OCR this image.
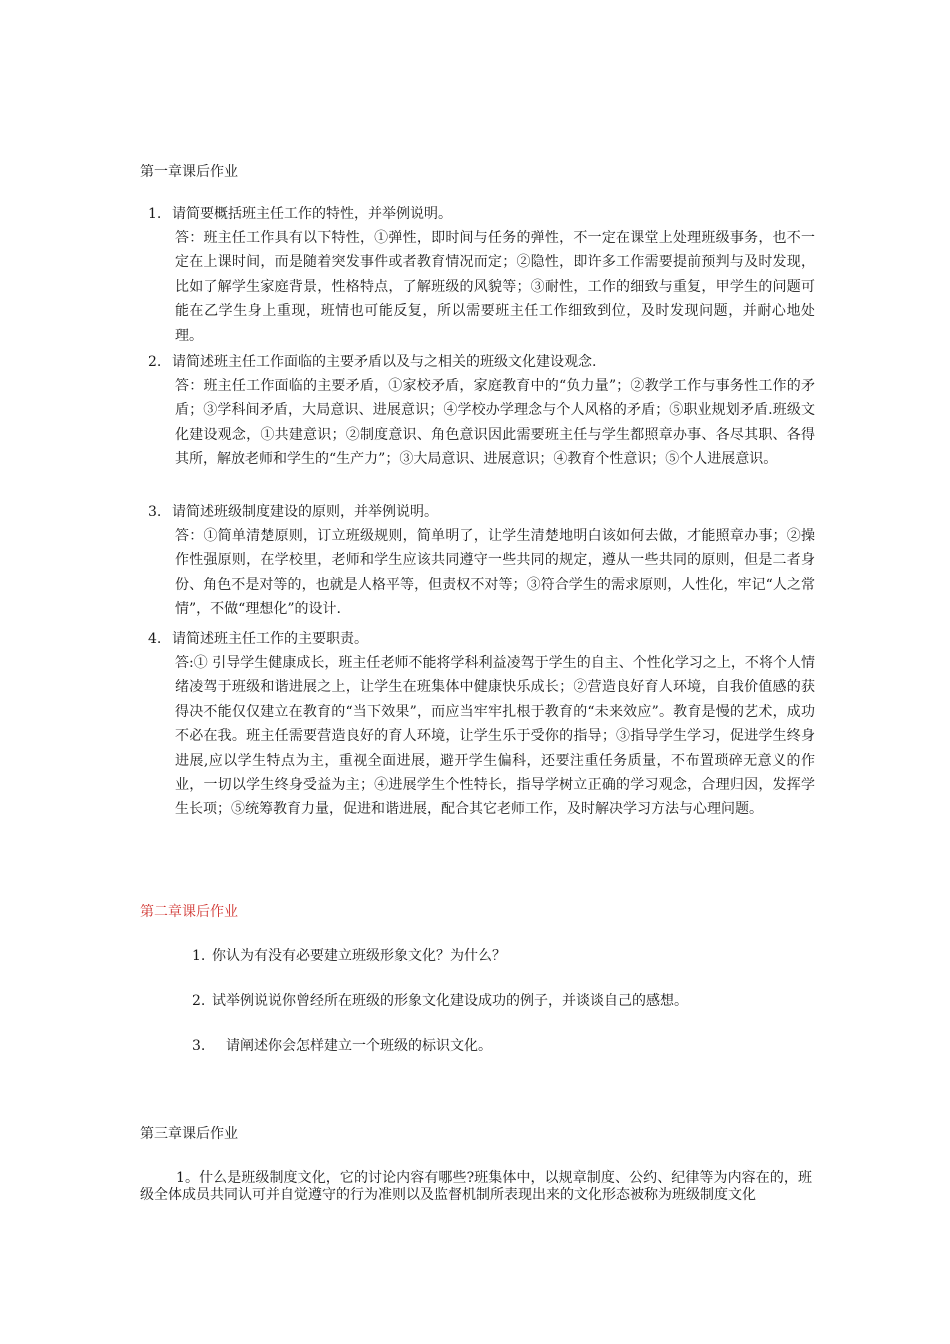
第一章课后作业
1. 请简要概括班主任工作的特性，并举例说明。
答：班主任工作具有以下特性，①弹性，即时间与任务的弹性，不一定在课堂上处理班级事务，也不一定在上课时间，而是随着突发事件或者教育情况而定；②隐性，即许多工作需要提前预判与及时发现，比如了解学生家庭背景，性格特点，了解班级的风貌等；③耐性，工作的细致与重复，甲学生的问题可能在乙学生身上重现，班情也可能反复，所以需要班主任工作细致到位，及时发现问题，并耐心地处理。
2. 请简述班主任工作面临的主要矛盾以及与之相关的班级文化建设观念.
答：班主任工作面临的主要矛盾，①家校矛盾，家庭教育中的“负力量”；②教学工作与事务性工作的矛盾；③学科间矛盾，大局意识、进展意识；④学校办学理念与个人风格的矛盾；⑤职业规划矛盾.班级文化建设观念，①共建意识；②制度意识、角色意识因此需要班主任与学生都照章办事、各尽其职、各得其所，解放老师和学生的“生产力”；③大局意识、进展意识；④教育个性意识；⑤个人进展意识。
3. 请简述班级制度建设的原则，并举例说明。
答：①简单清楚原则，订立班级规则，简单明了，让学生清楚地明白该如何去做，才能照章办事；②操作性强原则，在学校里，老师和学生应该共同遵守一些共同的规定，遵从一些共同的原则，但是二者身份、角色不是对等的，也就是人格平等，但责权不对等；③符合学生的需求原则，人性化，牢记“人之常情”，不做“理想化”的设计.
4. 请简述班主任工作的主要职责。
答:① 引导学生健康成长，班主任老师不能将学科利益凌驾于学生的自主、个性化学习之上，不将个人情绪凌驾于班级和谐进展之上，让学生在班集体中健康快乐成长；②营造良好育人环境，自我价值感的获得决不能仅仅建立在教育的“当下效果”，而应当牢牢扎根于教育的“未来效应”。教育是慢的艺术，成功不必在我。班主任需要营造良好的育人环境，让学生乐于受你的指导；③指导学生学习，促进学生终身进展,应以学生特点为主，重视全面进展，避开学生偏科，还要注重任务质量，不布置琐碎无意义的作业，一切以学生终身受益为主；④进展学生个性特长，指导学树立正确的学习观念，合理归因，发挥学生长项；⑤统筹教育力量，促进和谐进展，配合其它老师工作，及时解决学习方法与心理问题。
第二章课后作业
1. 你认为有没有必要建立班级形象文化？为什么？
2. 试举例说说你曾经所在班级的形象文化建设成功的例子，并谈谈自己的感想。
3. 请阐述你会怎样建立一个班级的标识文化。
第三章课后作业
1。什么是班级制度文化，它的讨论内容有哪些?班集体中，以规章制度、公约、纪律等为内容在的，班级全体成员共同认可并自觉遵守的行为准则以及监督机制所表现出来的文化形态被称为班级制度文化
